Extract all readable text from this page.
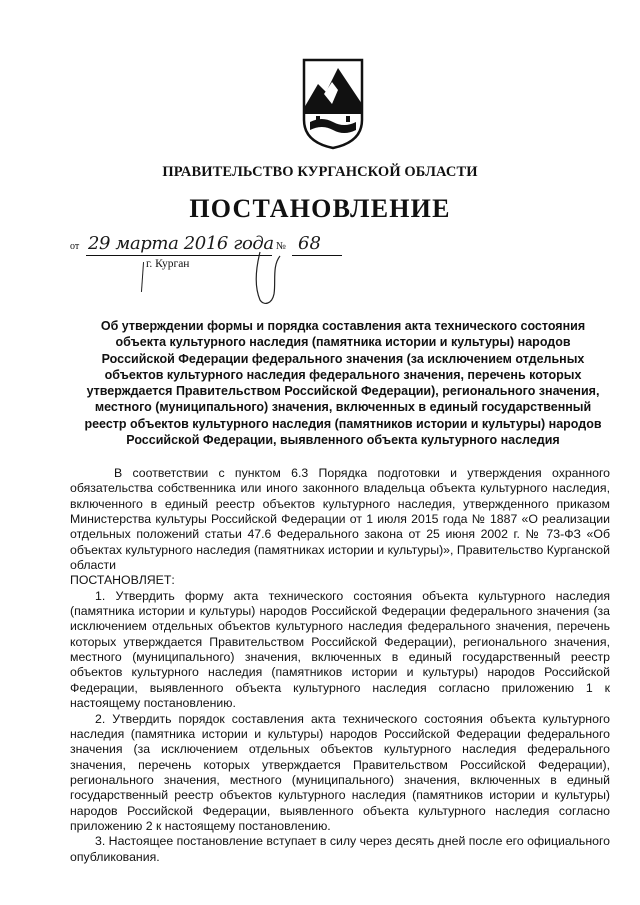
ПРАВИТЕЛЬСТВО КУРГАНСКОЙ ОБЛАСТИ
ПОСТАНОВЛЕНИЕ
от 29 марта 2016 года № 68
г. Курган
Об утверждении формы и порядка составления акта технического состояния объекта культурного наследия (памятника истории и культуры) народов Российской Федерации федерального значения (за исключением отдельных объектов культурного наследия федерального значения, перечень которых утверждается Правительством Российской Федерации), регионального значения, местного (муниципального) значения, включенных в единый государственный реестр объектов культурного наследия (памятников истории и культуры) народов Российской Федерации, выявленного объекта культурного наследия

В соответствии с пунктом 6.3 Порядка подготовки и утверждения охранного обязательства собственника или иного законного владельца объекта культурного наследия, включенного в единый реестр объектов культурного наследия, утвержденного приказом Министерства культуры Российской Федерации от 1 июля 2015 года № 1887 «О реализации отдельных положений статьи 47.6 Федерального закона от 25 июня 2002 г. № 73-ФЗ «Об объектах культурного наследия (памятниках истории и культуры)», Правительство Курганской области

ПОСТАНОВЛЯЕТ:

1. Утвердить форму акта технического состояния объекта культурного наследия (памятника истории и культуры) народов Российской Федерации федерального значения (за исключением отдельных объектов культурного наследия федерального значения, перечень которых утверждается Правительством Российской Федерации), регионального значения, местного (муниципального) значения, включенных в единый государственный реестр объектов культурного наследия (памятников истории и культуры) народов Российской Федерации, выявленного объекта культурного наследия согласно приложению 1 к настоящему постановлению.

2. Утвердить порядок составления акта технического состояния объекта культурного наследия (памятника истории и культуры) народов Российской Федерации федерального значения (за исключением отдельных объектов культурного наследия федерального значения, перечень которых утверждается Правительством Российской Федерации), регионального значения, местного (муниципального) значения, включенных в единый государственный реестр объектов культурного наследия (памятников истории и культуры) народов Российской Федерации, выявленного объекта культурного наследия согласно приложению 2 к настоящему постановлению.

3. Настоящее постановление вступает в силу через десять дней после его официального опубликования.
